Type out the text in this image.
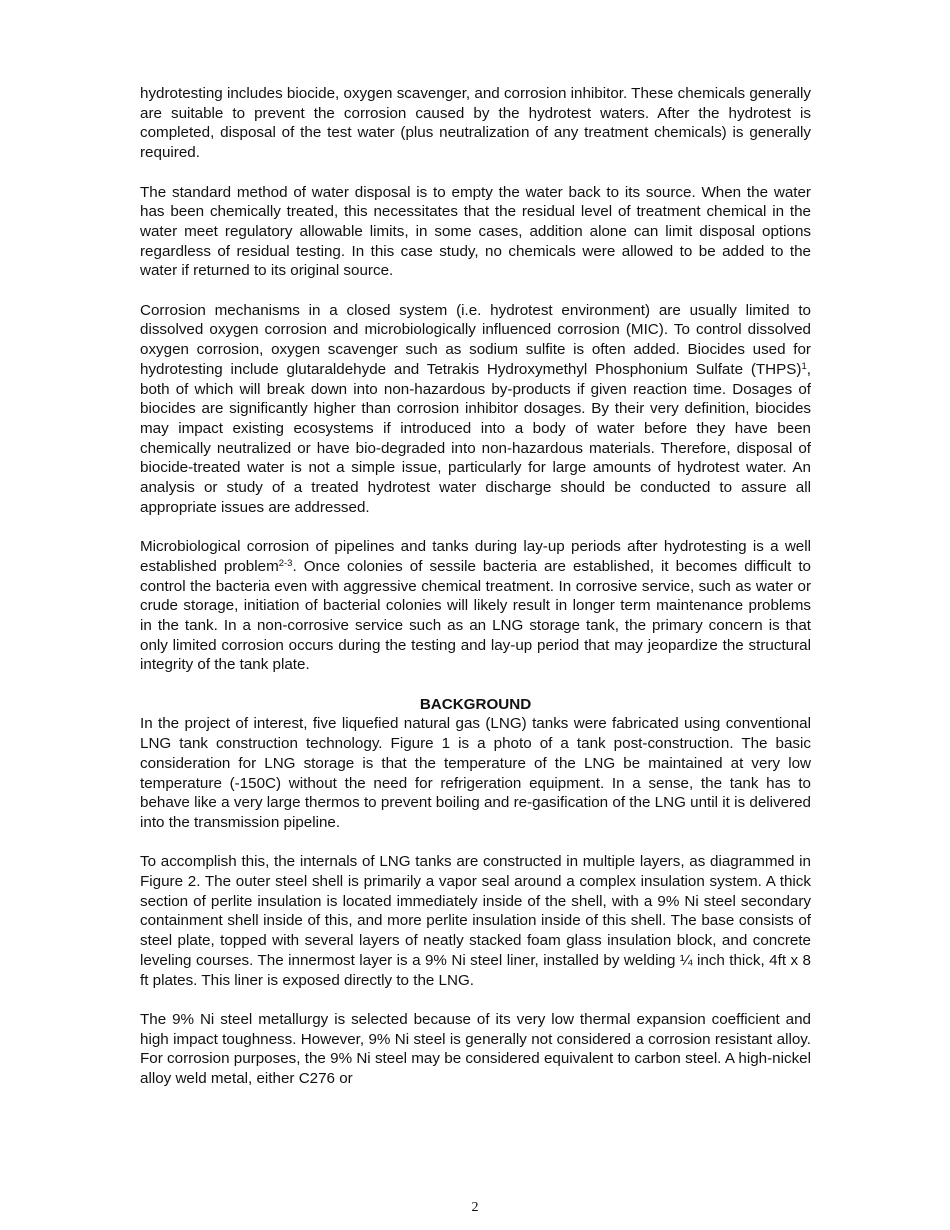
hydrotesting includes biocide, oxygen scavenger, and corrosion inhibitor. These chemicals generally are suitable to prevent the corrosion caused by the hydrotest waters. After the hydrotest is completed, disposal of the test water (plus neutralization of any treatment chemicals) is generally required.

The standard method of water disposal is to empty the water back to its source. When the water has been chemically treated, this necessitates that the residual level of treatment chemical in the water meet regulatory allowable limits, in some cases, addition alone can limit disposal options regardless of residual testing. In this case study, no chemicals were allowed to be added to the water if returned to its original source.

Corrosion mechanisms in a closed system (i.e. hydrotest environment) are usually limited to dissolved oxygen corrosion and microbiologically influenced corrosion (MIC). To control dissolved oxygen corrosion, oxygen scavenger such as sodium sulfite is often added. Biocides used for hydrotesting include glutaraldehyde and Tetrakis Hydroxymethyl Phosphonium Sulfate (THPS)$^1$, both of which will break down into non-hazardous by-products if given reaction time. Dosages of biocides are significantly higher than corrosion inhibitor dosages. By their very definition, biocides may impact existing ecosystems if introduced into a body of water before they have been chemically neutralized or have bio-degraded into non-hazardous materials. Therefore, disposal of biocide-treated water is not a simple issue, particularly for large amounts of hydrotest water. An analysis or study of a treated hydrotest water discharge should be conducted to assure all appropriate issues are addressed.

Microbiological corrosion of pipelines and tanks during lay-up periods after hydrotesting is a well established problem$^{2-3}$. Once colonies of sessile bacteria are established, it becomes difficult to control the bacteria even with aggressive chemical treatment. In corrosive service, such as water or crude storage, initiation of bacterial colonies will likely result in longer term maintenance problems in the tank. In a non-corrosive service such as an LNG storage tank, the primary concern is that only limited corrosion occurs during the testing and lay-up period that may jeopardize the structural integrity of the tank plate.

BACKGROUND

In the project of interest, five liquefied natural gas (LNG) tanks were fabricated using conventional LNG tank construction technology. Figure 1 is a photo of a tank post-construction. The basic consideration for LNG storage is that the temperature of the LNG be maintained at very low temperature (-150C) without the need for refrigeration equipment. In a sense, the tank has to behave like a very large thermos to prevent boiling and re-gasification of the LNG until it is delivered into the transmission pipeline.

To accomplish this, the internals of LNG tanks are constructed in multiple layers, as diagrammed in Figure 2. The outer steel shell is primarily a vapor seal around a complex insulation system. A thick section of perlite insulation is located immediately inside of the shell, with a 9% Ni steel secondary containment shell inside of this, and more perlite insulation inside of this shell. The base consists of steel plate, topped with several layers of neatly stacked foam glass insulation block, and concrete leveling courses. The innermost layer is a 9% Ni steel liner, installed by welding ¼ inch thick, 4ft x 8 ft plates. This liner is exposed directly to the LNG.

The 9% Ni steel metallurgy is selected because of its very low thermal expansion coefficient and high impact toughness. However, 9% Ni steel is generally not considered a corrosion resistant alloy. For corrosion purposes, the 9% Ni steel may be considered equivalent to carbon steel. A high-nickel alloy weld metal, either C276 or

2
